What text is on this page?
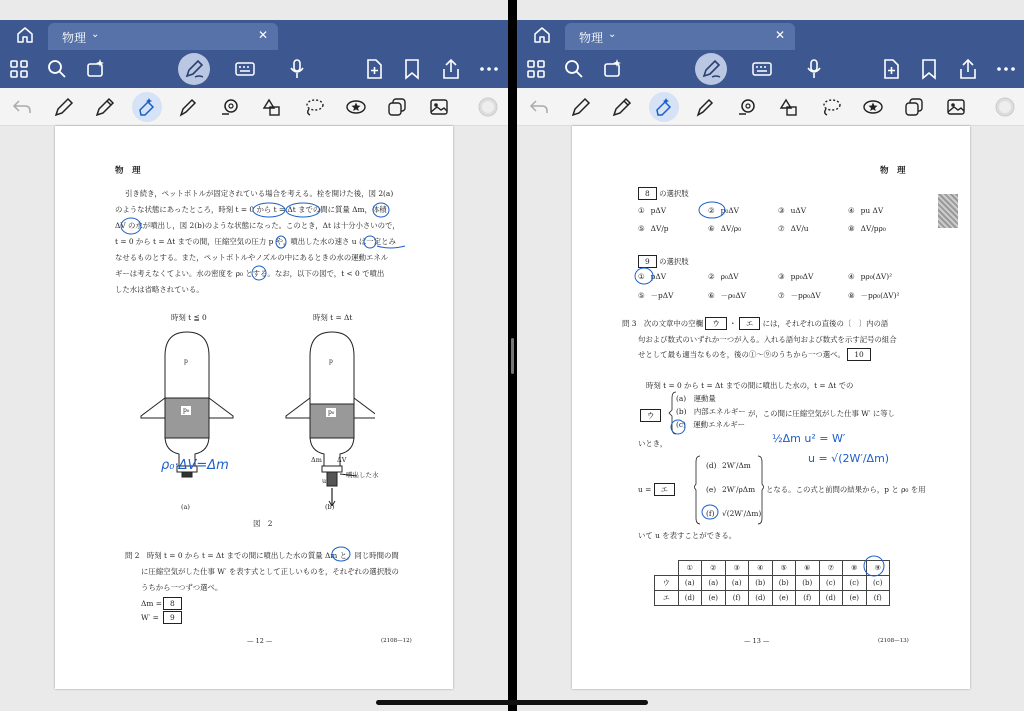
物理 ⌄	✕
物　理
引き続き，ペットボトルが固定されている場合を考える。栓を開けた後，図 2(a)
のような状態にあったところ，時刻 t = 0 から t = Δt までの間に質量 Δm，体積
ΔV の水が噴出し，図 2(b)のような状態になった。このとき，Δt は十分小さいので，
t = 0 から t = Δt までの間，圧縮空気の圧力 p や，噴出した水の速さ u は一定とみ
なせるものとする。また，ペットボトルやノズルの中にあるときの水の運動エネル
ギーは考えなくてよい。水の密度を ρ₀ とする。なお，以下の図で，t < 0 で噴出
した水は省略されている。
時刻 t ≦ 0	時刻 t = Δt
p
p₀
p
p₀
Δm ΔV
u
噴出した水
(a)	(b)
図　2
ρ₀·ΔV=Δm
問 2　時刻 t = 0 から t = Δt までの間に噴出した水の質量 Δm と，同じ時間の間
に圧縮空気がした仕事 W′ を表す式として正しいものを，それぞれの選択肢の
うちから一つずつ選べ。
Δm =	8
W′ =	9
— 12 —	(2108—12)
物理 ⌄	✕
物　理
8 の選択肢
① pΔV	② p₀ΔV	③ uΔV	④ pu ΔV
⑤ ΔV/p	⑥ ΔV/ρ₀	⑦ ΔV/u	⑧ ΔV/pρ₀
9 の選択肢
① pΔV	② ρ₀ΔV	③ pρ₀ΔV	④ pρ₀(ΔV)²
⑤ －pΔV	⑥ －ρ₀ΔV	⑦ －pρ₀ΔV	⑧ －pρ₀(ΔV)²
問 3　次の文章中の空欄 ウ ・ エ には，それぞれの直後の〔　〕内の語
句および数式のいずれか一つが入る。入れる語句および数式を示す記号の組合
せとして最も適当なものを，後の①～⑨のうちから一つ選べ。 10
時刻 t = 0 から t = Δt までの間に噴出した水の，t = Δt での
ウ
(a)　運動量
(b)　内部エネルギー
(c)　運動エネルギー
が，この間に圧縮空気がした仕事 W′ に等し
いとき，	½Δm u² = W′
u = √(2W′/Δm)
u = エ
(d) 2W′/Δm
(e) 2W′/ρΔm
(f) √(2W′/Δm)
となる。この式と前問の結果から，p と ρ₀ を用
いて u を表すことができる。
	①	②	③	④	⑤	⑥	⑦	⑧	⑨
ウ	(a)	(a)	(a)	(b)	(b)	(b)	(c)	(c)	(c)
エ	(d)	(e)	(f)	(d)	(e)	(f)	(d)	(e)	(f)
— 13 —	(2108—13)
